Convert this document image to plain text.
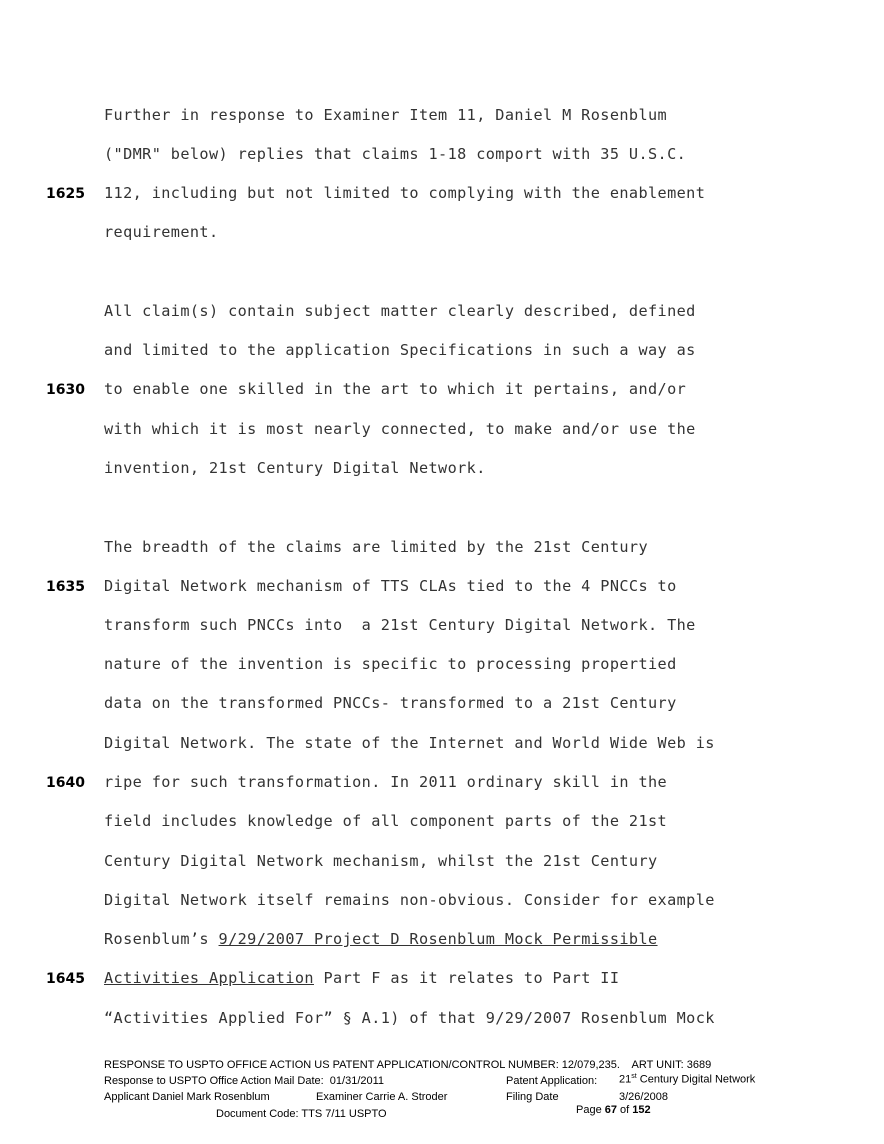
Further in response to Examiner Item 11, Daniel M Rosenblum
("DMR" below) replies that claims 1-18 comport with 35 U.S.C.
112, including but not limited to complying with the enablement
requirement.
All claim(s) contain subject matter clearly described, defined
and limited to the application Specifications in such a way as
to enable one skilled in the art to which it pertains, and/or
with which it is most nearly connected, to make and/or use the
invention, 21st Century Digital Network.
The breadth of the claims are limited by the 21st Century
Digital Network mechanism of TTS CLAs tied to the 4 PNCCs to
transform such PNCCs into  a 21st Century Digital Network. The
nature of the invention is specific to processing propertied
data on the transformed PNCCs- transformed to a 21st Century
Digital Network. The state of the Internet and World Wide Web is
ripe for such transformation. In 2011 ordinary skill in the
field includes knowledge of all component parts of the 21st
Century Digital Network mechanism, whilst the 21st Century
Digital Network itself remains non-obvious. Consider for example
Rosenblum’s 9/29/2007 Project D Rosenblum Mock Permissible
Activities Application Part F as it relates to Part II
“Activities Applied For” § A.1) of that 9/29/2007 Rosenblum Mock
1625
1630
1635
1640
1645
RESPONSE TO USPTO OFFICE ACTION US PATENT APPLICATION/CONTROL NUMBER: 12/079,235.    ART UNIT: 3689
Response to USPTO Office Action Mail Date:  01/31/2011	Patent Application: 21st Century Digital Network
Applicant Daniel Mark Rosenblum	Examiner Carrie A. Stroder	Filing Date	3/26/2008
Document Code: TTS 7/11 USPTO	Page 67 of 152
